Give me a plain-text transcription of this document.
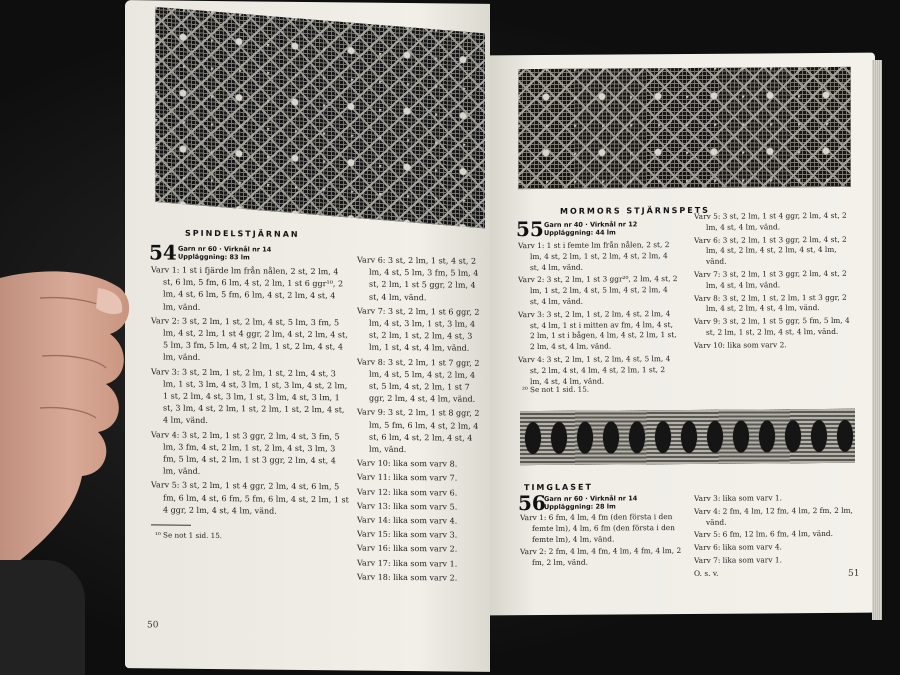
SPINDELSTJÄRNAN
54 Garn nr 60 · Virknål nr 14
Uppläggning: 83 lm

Varv 1: 1 st i fjärde lm från nålen, 2 st, 2 lm, 4 st, 6 lm, 5 fm, 6 lm, 4 st, 2 lm, 1 st 6 ggr¹⁰, 2 lm, 4 st, 6 lm, 5 fm, 6 lm, 4 st, 2 lm, 4 st, 4 lm, vänd.

Varv 2: 3 st, 2 lm, 1 st, 2 lm, 4 st, 5 lm, 3 fm, 5 lm, 4 st, 2 lm, 1 st 4 ggr, 2 lm, 4 st, 2 lm, 4 st, 5 lm, 3 fm, 5 lm, 4 st, 2 lm, 1 st, 2 lm, 4 st, 4 lm, vänd.

Varv 3: 3 st, 2 lm, 1 st, 2 lm, 1 st, 2 lm, 4 st, 3 lm, 1 st, 3 lm, 4 st, 3 lm, 1 st, 3 lm, 4 st, 2 lm, 1 st, 2 lm, 4 st, 3 lm, 1 st, 3 lm, 4 st, 3 lm, 1 st, 3 lm, 4 st, 2 lm, 1 st, 2 lm, 1 st, 2 lm, 4 st, 4 lm, vänd.

Varv 4: 3 st, 2 lm, 1 st 3 ggr, 2 lm, 4 st, 3 fm, 5 lm, 3 fm, 4 st, 2 lm, 1 st, 2 lm, 4 st, 3 lm, 3 fm, 5 lm, 4 st, 2 lm, 1 st 3 ggr, 2 lm, 4 st, 4 lm, vänd.

Varv 5: 3 st, 2 lm, 1 st 4 ggr, 2 lm, 4 st, 6 lm, 5 fm, 6 lm, 4 st, 6 fm, 5 fm, 6 lm, 4 st, 2 lm, 1 st 4 ggr, 2 lm, 4 st, 4 lm, vänd.

Varv 6: 3 st, 2 lm, 1 st, 4 st, 2 lm, 4 st, 5 lm, 3 fm, 5 lm, 4 st, 2 lm, 1 st 5 ggr, 2 lm, 4 st, 4 lm, vänd.

Varv 7: 3 st, 2 lm, 1 st 6 ggr, 2 lm, 4 st, 3 lm, 1 st, 3 lm, 4 st, 2 lm, 1 st, 2 lm, 4 st, 3 lm, 1 st, 4 st, 4 lm, vänd.

Varv 8: 3 st, 2 lm, 1 st 7 ggr, 2 lm, 4 st, 5 lm, 4 st, 2 lm, 4 st, 5 lm, 4 st, 2 lm, 1 st 7 ggr, 2 lm, 4 st, 4 lm, vänd.

Varv 9: 3 st, 2 lm, 1 st 8 ggr, 2 lm, 5 fm, 6 lm, 4 st, 2 lm, 4 st, 6 lm, 4 st, 2 lm, 4 st, 4 lm, vänd.

Varv 10: lika som varv 8.

Varv 11: lika som varv 7.

Varv 12: lika som varv 6.

Varv 13: lika som varv 5.

Varv 14: lika som varv 4.

Varv 15: lika som varv 3.

Varv 16: lika som varv 2.

Varv 17: lika som varv 1.

Varv 18: lika som varv 2.

¹⁰ Se not 1 sid. 15.
50
MORMORS STJÄRNSPETS
55 Garn nr 40 · Virknål nr 12
Uppläggning: 44 lm

Varv 1: 1 st i femte lm från nålen, 2 st, 2 lm, 4 st, 2 lm, 1 st, 2 lm, 4 st, 2 lm, 4 st, 4 lm, vänd.

Varv 2: 3 st, 2 lm, 1 st 3 ggr²⁰, 2 lm, 4 st, 2 lm, 1 st, 2 lm, 4 st, 5 lm, 4 st, 2 lm, 4 st, 4 lm, vänd.

Varv 3: 3 st, 2 lm, 1 st, 2 lm, 4 st, 2 lm, 4 st, 4 lm, 1 st i mitten av fm, 4 lm, 4 st, 2 lm, 1 st i bågen, 4 lm, 4 st, 2 lm, 1 st, 2 lm, 4 st, 4 lm, vänd.

Varv 4: 3 st, 2 lm, 1 st, 2 lm, 4 st, 5 lm, 4 st, 2 lm, 4 st, 4 lm, 4 st, 2 lm, 1 st, 2 lm, 4 st, 4 lm, vänd.

²⁰ Se not 1 sid. 15.

Varv 5: 3 st, 2 lm, 1 st 4 ggr, 2 lm, 4 st, 2 lm, 4 st, 4 lm, vänd.

Varv 6: 3 st, 2 lm, 1 st 3 ggr, 2 lm, 4 st, 2 lm, 4 st, 2 lm, 4 st, 2 lm, 4 st, 4 lm, vänd.

Varv 7: 3 st, 2 lm, 1 st 3 ggr, 2 lm, 4 st, 2 lm, 4 st, 4 lm, vänd.

Varv 8: 3 st, 2 lm, 1 st, 2 lm, 1 st 3 ggr, 2 lm, 4 st, 2 lm, 4 st, 4 lm, vänd.

Varv 9: 3 st, 2 lm, 1 st 5 ggr, 5 fm, 5 lm, 4 st, 2 lm, 1 st, 2 lm, 4 st, 4 lm, vänd.

Varv 10: lika som varv 2.

TIMGLASET
56
Garn nr 60 · Virknål nr 14
Uppläggning: 28 lm

Varv 1: 6 fm, 4 lm, 4 fm (den första i den femte lm), 4 lm, 6 fm (den första i den femte lm), 4 lm, vänd.

Varv 2: 2 fm, 4 lm, 4 fm, 4 lm, 4 fm, 4 lm, 2 fm, 2 lm, vänd.

Varv 3: lika som varv 1.

Varv 4: 2 fm, 4 lm, 12 fm, 4 lm, 2 fm, 2 lm, vänd.

Varv 5: 6 fm, 12 lm, 6 fm, 4 lm, vänd.

Varv 6: lika som varv 4.

Varv 7: lika som varv 1.

O. s. v.	51
